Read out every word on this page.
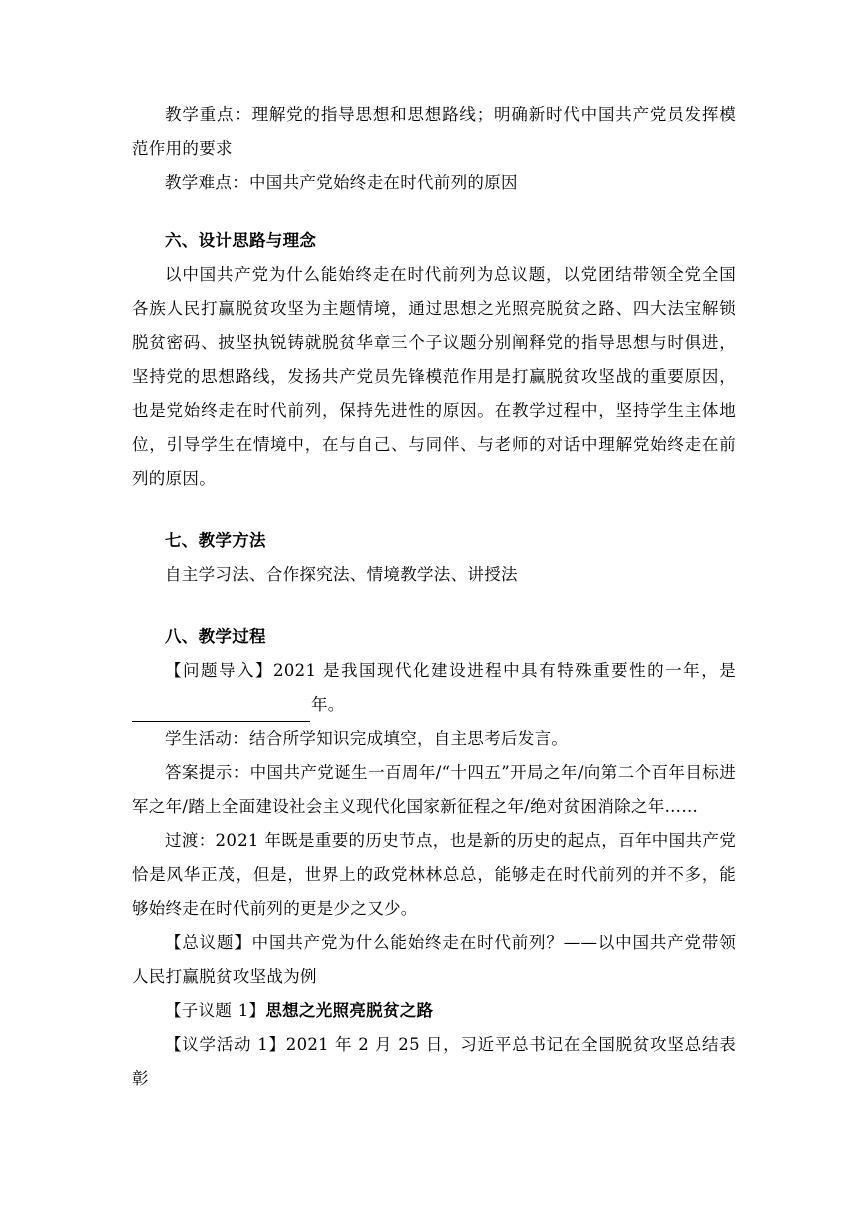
教学重点：理解党的指导思想和思想路线；明确新时代中国共产党员发挥模范作用的要求

教学难点：中国共产党始终走在时代前列的原因

六、设计思路与理念

以中国共产党为什么能始终走在时代前列为总议题，以党团结带领全党全国各族人民打赢脱贫攻坚为主题情境，通过思想之光照亮脱贫之路、四大法宝解锁脱贫密码、披坚执锐铸就脱贫华章三个子议题分别阐释党的指导思想与时俱进，坚持党的思想路线，发扬共产党员先锋模范作用是打赢脱贫攻坚战的重要原因，也是党始终走在时代前列，保持先进性的原因。在教学过程中，坚持学生主体地位，引导学生在情境中，在与自己、与同伴、与老师的对话中理解党始终走在前列的原因。

七、教学方法

自主学习法、合作探究法、情境教学法、讲授法

八、教学过程

【问题导入】2021 是我国现代化建设进程中具有特殊重要性的一年，是年。

学生活动：结合所学知识完成填空，自主思考后发言。

答案提示：中国共产党诞生一百周年/“十四五”开局之年/向第二个百年目标进军之年/踏上全面建设社会主义现代化国家新征程之年/绝对贫困消除之年……

过渡：2021 年既是重要的历史节点，也是新的历史的起点，百年中国共产党恰是风华正茂，但是，世界上的政党林林总总，能够走在时代前列的并不多，能够始终走在时代前列的更是少之又少。

【总议题】中国共产党为什么能始终走在时代前列？——以中国共产党带领人民打赢脱贫攻坚战为例

【子议题 1】思想之光照亮脱贫之路

【议学活动 1】2021 年 2 月 25 日，习近平总书记在全国脱贫攻坚总结表彰
